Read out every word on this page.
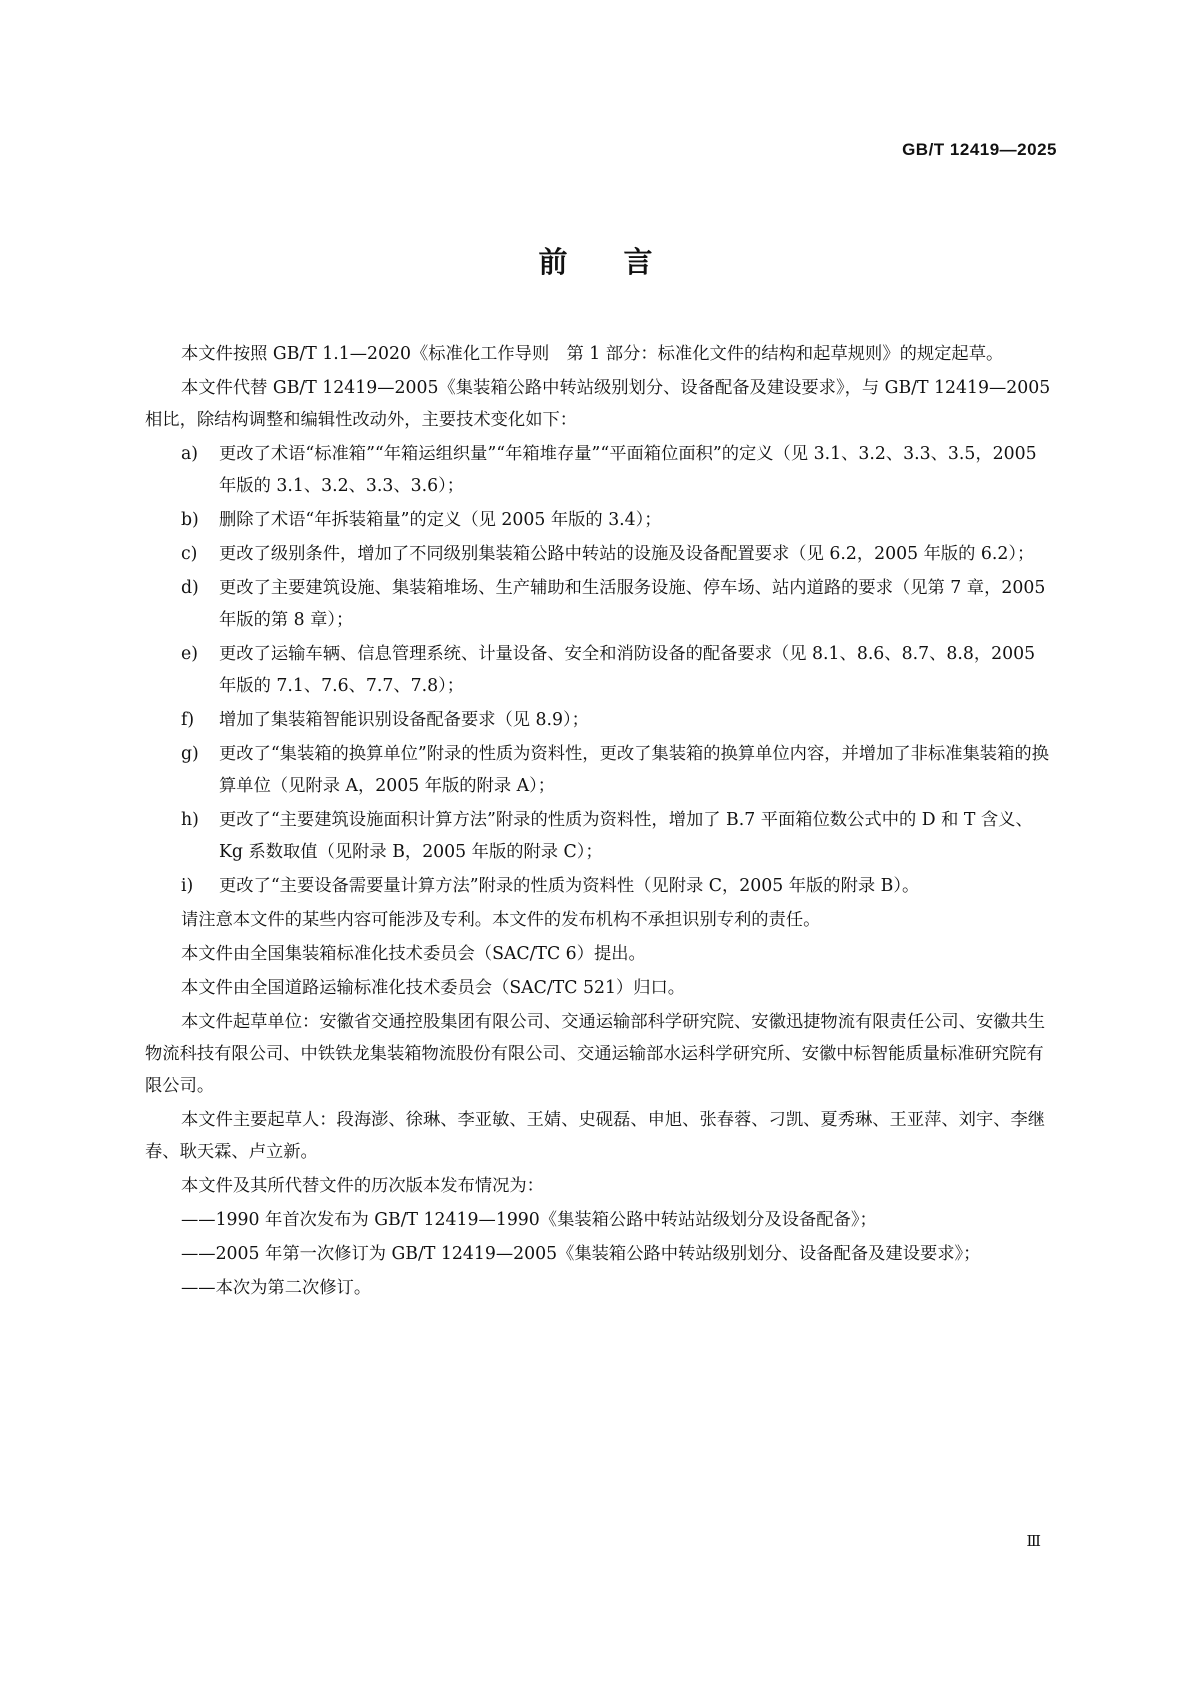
GB/T 12419—2025
前言

本文件按照 GB/T 1.1—2020《标准化工作导则　第 1 部分：标准化文件的结构和起草规则》的规定起草。

本文件代替 GB/T 12419—2005《集装箱公路中转站级别划分、设备配备及建设要求》，与 GB/T 12419—2005 相比，除结构调整和编辑性改动外，主要技术变化如下：

a)	更改了术语“标准箱”“年箱运组织量”“年箱堆存量”“平面箱位面积”的定义（见 3.1、3.2、3.3、3.5，2005 年版的 3.1、3.2、3.3、3.6）；
b)	删除了术语“年拆装箱量”的定义（见 2005 年版的 3.4）；
c)	更改了级别条件，增加了不同级别集装箱公路中转站的设施及设备配置要求（见 6.2，2005 年版的 6.2）；
d)	更改了主要建筑设施、集装箱堆场、生产辅助和生活服务设施、停车场、站内道路的要求（见第 7 章，2005 年版的第 8 章）；
e)	更改了运输车辆、信息管理系统、计量设备、安全和消防设备的配备要求（见 8.1、8.6、8.7、8.8，2005 年版的 7.1、7.6、7.7、7.8）；
f)	增加了集装箱智能识别设备配备要求（见 8.9）；
g)	更改了“集装箱的换算单位”附录的性质为资料性，更改了集装箱的换算单位内容，并增加了非标准集装箱的换算单位（见附录 A，2005 年版的附录 A）；
h)	更改了“主要建筑设施面积计算方法”附录的性质为资料性，增加了 B.7 平面箱位数公式中的 D 和 T 含义、Kg 系数取值（见附录 B，2005 年版的附录 C）；
i)	更改了“主要设备需要量计算方法”附录的性质为资料性（见附录 C，2005 年版的附录 B）。

请注意本文件的某些内容可能涉及专利。本文件的发布机构不承担识别专利的责任。

本文件由全国集装箱标准化技术委员会（SAC/TC 6）提出。

本文件由全国道路运输标准化技术委员会（SAC/TC 521）归口。

本文件起草单位：安徽省交通控股集团有限公司、交通运输部科学研究院、安徽迅捷物流有限责任公司、安徽共生物流科技有限公司、中铁铁龙集装箱物流股份有限公司、交通运输部水运科学研究所、安徽中标智能质量标准研究院有限公司。

本文件主要起草人：段海澎、徐琳、李亚敏、王婧、史砚磊、申旭、张春蓉、刁凯、夏秀琳、王亚萍、刘宇、李继春、耿天霖、卢立新。

本文件及其所代替文件的历次版本发布情况为：

——1990 年首次发布为 GB/T 12419—1990《集装箱公路中转站站级划分及设备配备》；

——2005 年第一次修订为 GB/T 12419—2005《集装箱公路中转站级别划分、设备配备及建设要求》；

——本次为第二次修订。

Ⅲ
